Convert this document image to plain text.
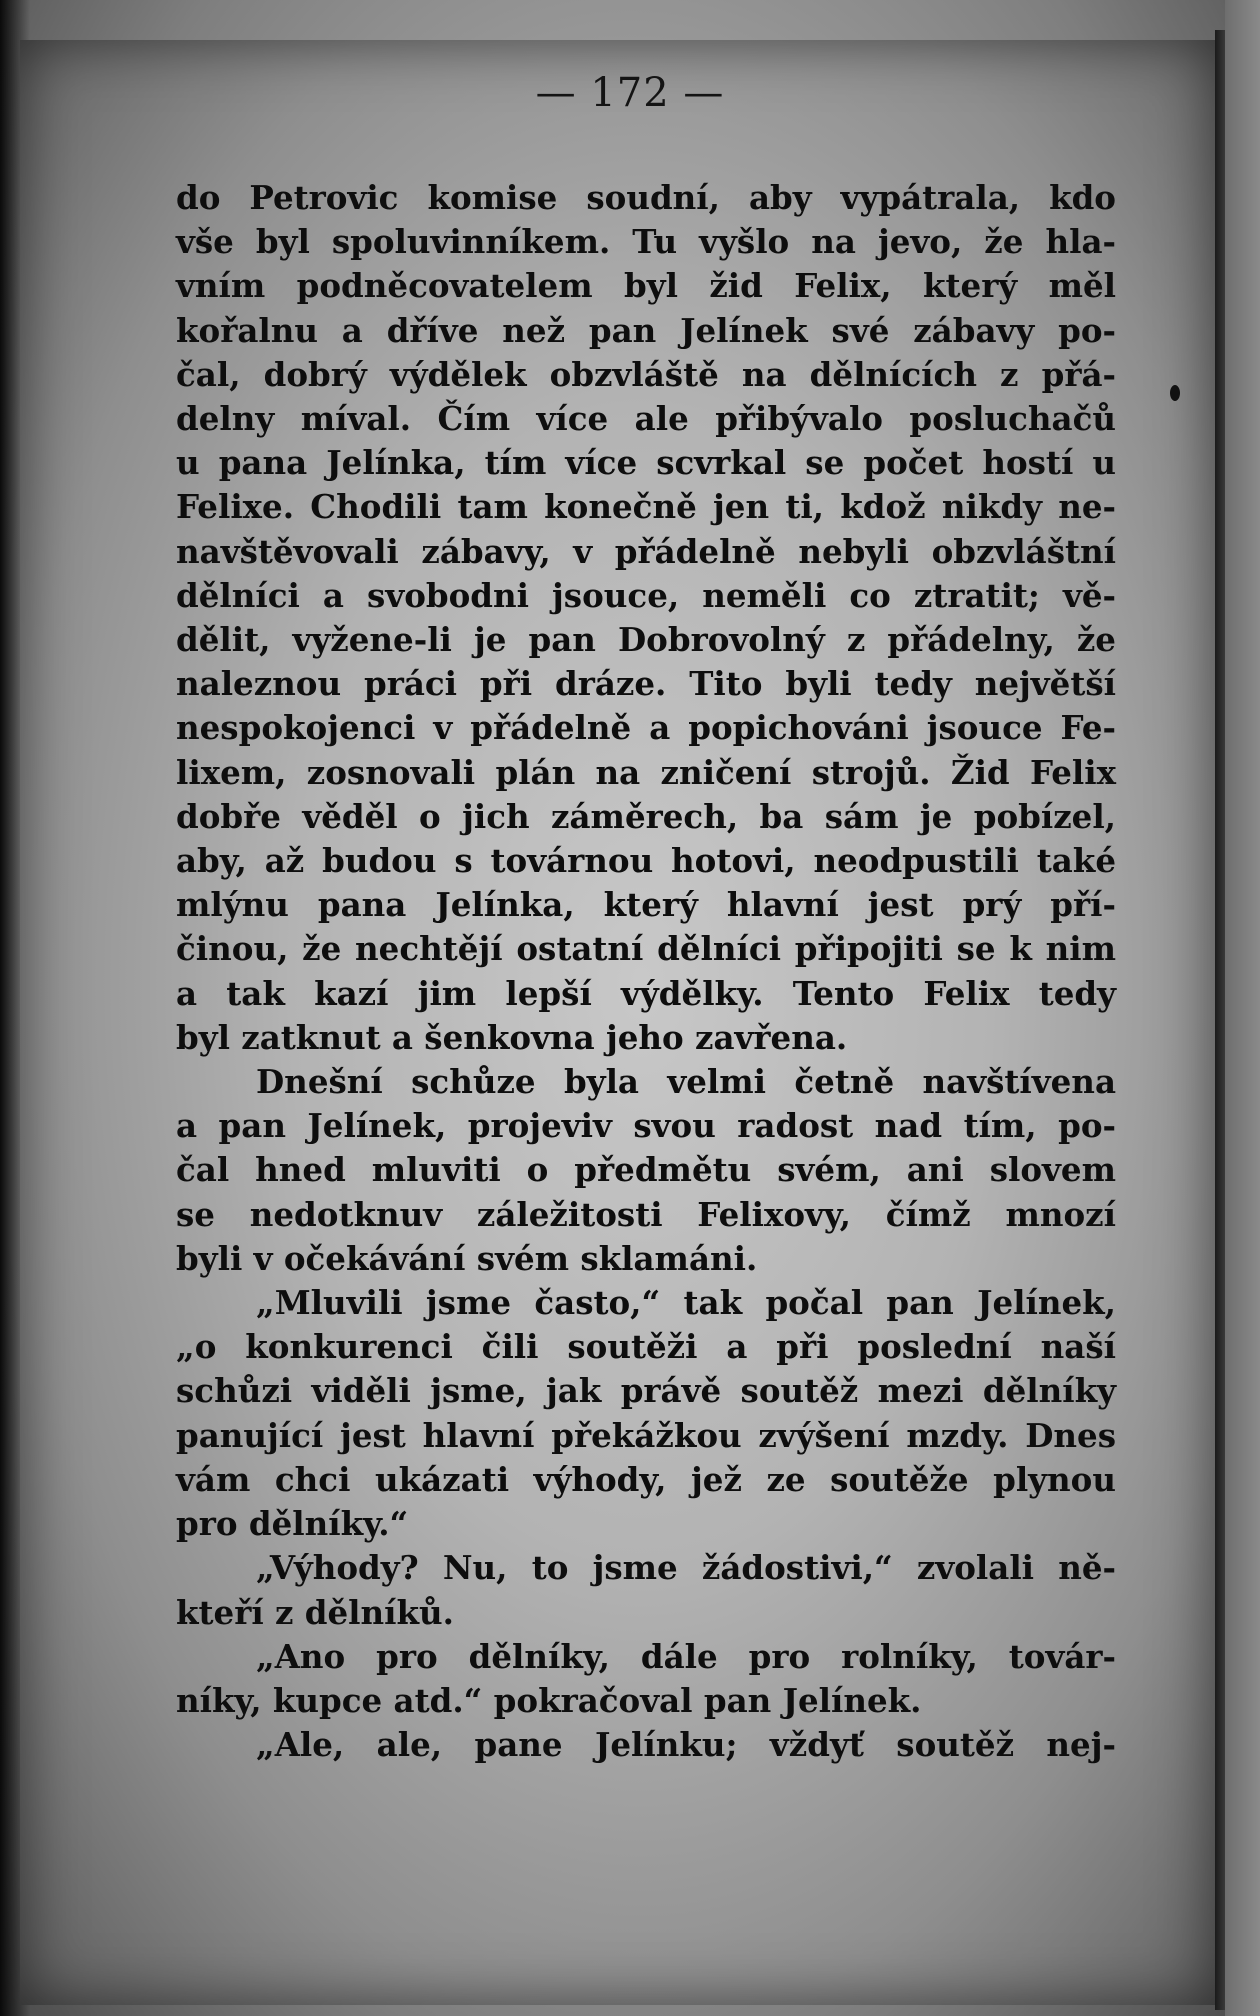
— 172 —
do Petrovic komise soudní, aby vypátrala, kdo
vše byl spoluvinníkem. Tu vyšlo na jevo, že hla-
vním podněcovatelem byl žid Felix, který měl
kořalnu a dříve než pan Jelínek své zábavy po-
čal, dobrý výdělek obzvláště na dělnících z přá-
delny míval. Čím více ale přibývalo posluchačů
u pana Jelínka, tím více scvrkal se počet hostí u
Felixe. Chodili tam konečně jen ti, kdož nikdy ne-
navštěvovali zábavy, v přádelně nebyli obzvláštní
dělníci a svobodni jsouce, neměli co ztratit; vě-
dělit, vyžene-li je pan Dobrovolný z přádelny, že
naleznou práci při dráze. Tito byli tedy největší
nespokojenci v přádelně a popichováni jsouce Fe-
lixem, zosnovali plán na zničení strojů. Žid Felix
dobře věděl o jich záměrech, ba sám je pobízel,
aby, až budou s továrnou hotovi, neodpustili také
mlýnu pana Jelínka, který hlavní jest prý pří-
činou, že nechtějí ostatní dělníci připojiti se k nim
a tak kazí jim lepší výdělky. Tento Felix tedy
byl zatknut a šenkovna jeho zavřena.
Dnešní schůze byla velmi četně navštívena
a pan Jelínek, projeviv svou radost nad tím, po-
čal hned mluviti o předmětu svém, ani slovem
se nedotknuv záležitosti Felixovy, čímž mnozí
byli v očekávání svém sklamáni.
„Mluvili jsme často,“ tak počal pan Jelínek,
„o konkurenci čili soutěži a při poslední naší
schůzi viděli jsme, jak právě soutěž mezi dělníky
panující jest hlavní překážkou zvýšení mzdy. Dnes
vám chci ukázati výhody, jež ze soutěže plynou
pro dělníky.“
„Výhody? Nu, to jsme žádostivi,“ zvolali ně-
kteří z dělníků.
„Ano pro dělníky, dále pro rolníky, továr-
níky, kupce atd.“ pokračoval pan Jelínek.
„Ale, ale, pane Jelínku; vždyť soutěž nej-
